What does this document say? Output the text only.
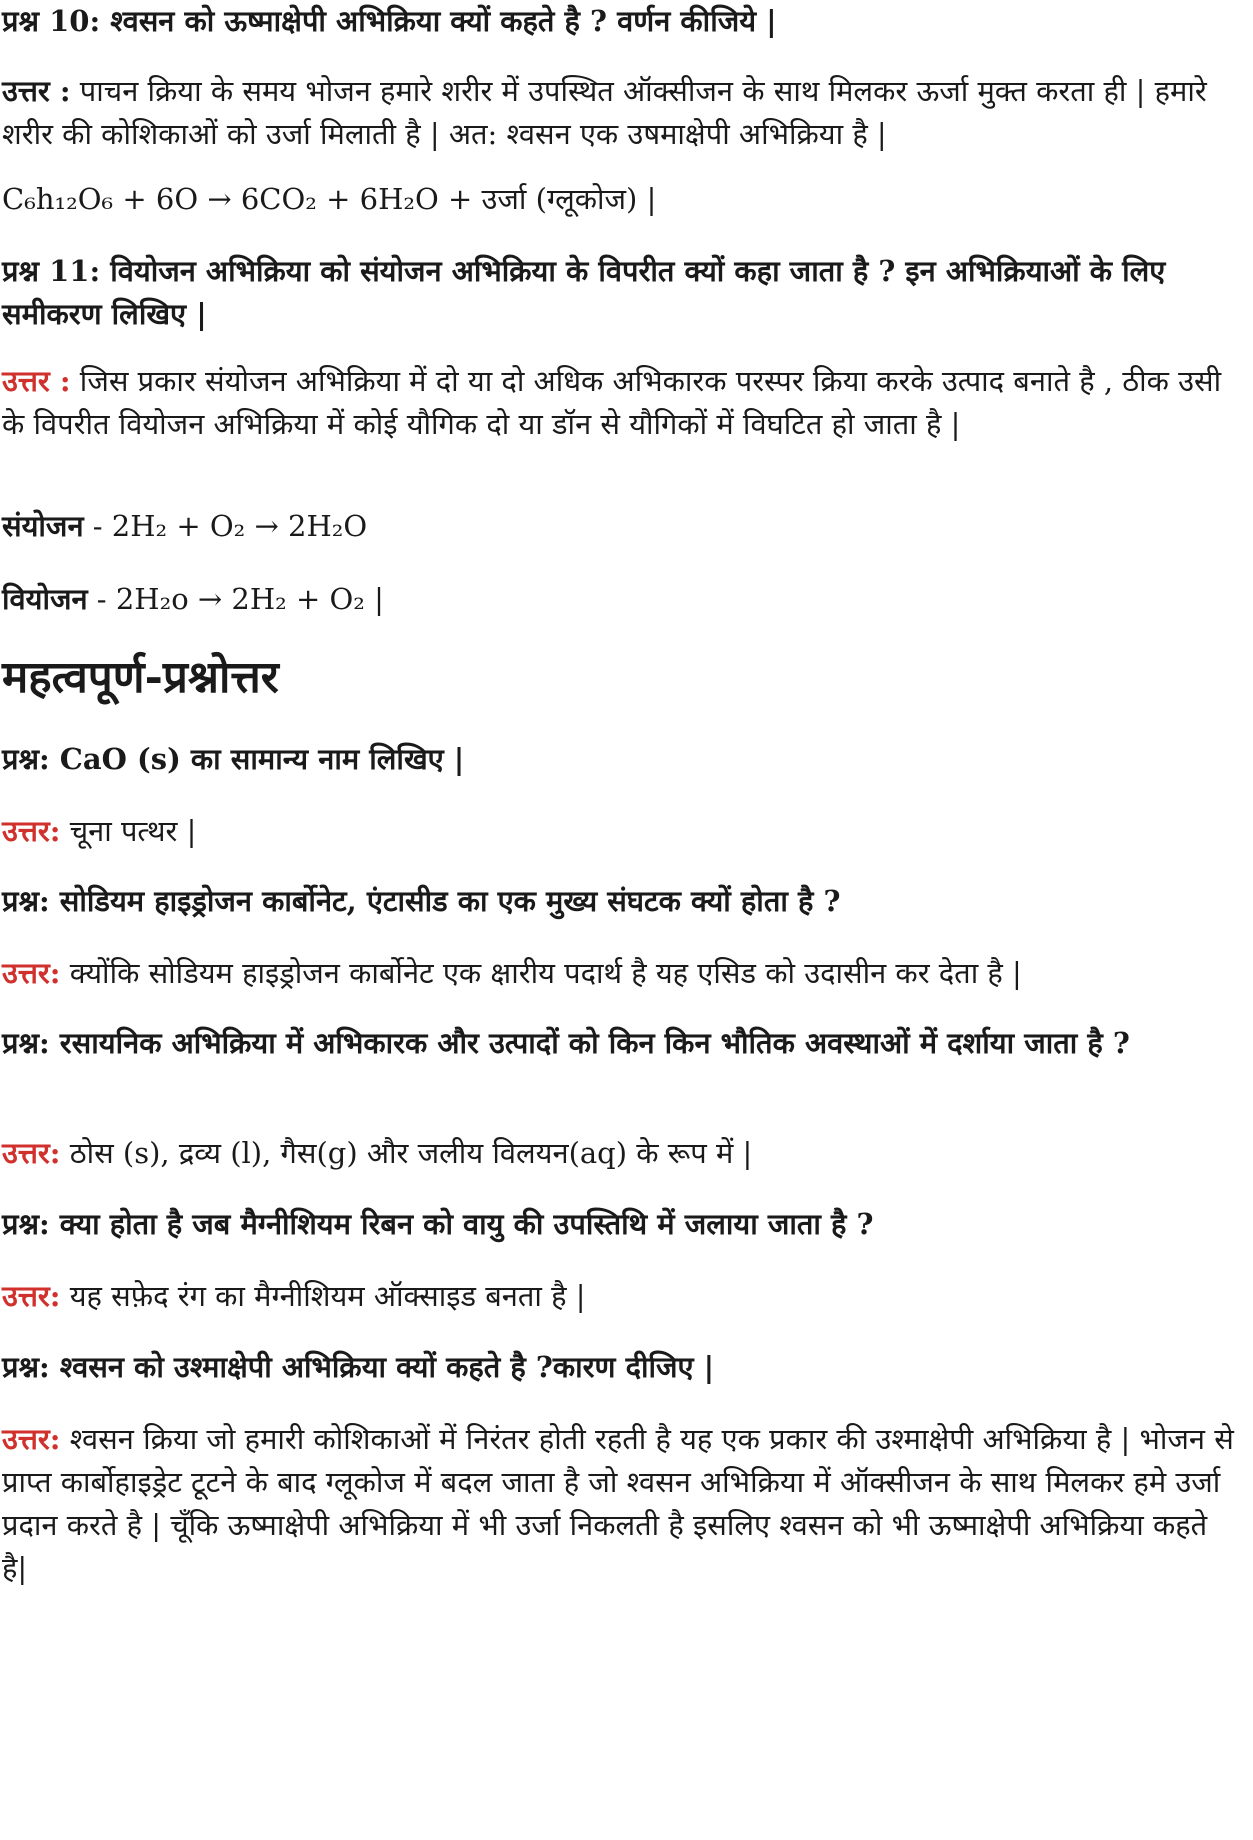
प्रश्न 10: श्वसन को ऊष्माक्षेपी अभिक्रिया क्यों कहते है ? वर्णन कीजिये |

उत्तर : पाचन क्रिया के समय भोजन हमारे शरीर में उपस्थित ऑक्सीजन के साथ मिलकर ऊर्जा मुक्त करता ही | हमारे शरीर की कोशिकाओं को उर्जा मिलाती है | अत: श्वसन एक उषमाक्षेपी अभिक्रिया है |

C₆h₁₂O₆ + 6O → 6CO₂ + 6H₂O + उर्जा (ग्लूकोज) |

प्रश्न 11: वियोजन अभिक्रिया को संयोजन अभिक्रिया के विपरीत क्यों कहा जाता है ? इन अभिक्रियाओं के लिए समीकरण लिखिए |

उत्तर : जिस प्रकार संयोजन अभिक्रिया में दो या दो अधिक अभिकारक परस्पर क्रिया करके उत्पाद बनाते है , ठीक उसी के विपरीत वियोजन अभिक्रिया में कोई यौगिक दो या डॉन से यौगिकों में विघटित हो जाता है |

संयोजन - 2H₂ + O₂ → 2H₂O

वियोजन - 2H₂o → 2H₂ + O₂ |

महत्वपूर्ण-प्रश्नोत्तर

प्रश्न: CaO (s) का सामान्य नाम लिखिए |

उत्तर: चूना पत्थर |

प्रश्न: सोडियम हाइड्रोजन कार्बोनेट, एंटासीड का एक मुख्य संघटक क्यों होता है ?

उत्तर: क्योंकि सोडियम हाइड्रोजन कार्बोनेट एक क्षारीय पदार्थ है यह एसिड को उदासीन कर देता है |

प्रश्न: रसायनिक अभिक्रिया में अभिकारक और उत्पादों को किन किन भौतिक अवस्थाओं में दर्शाया जाता है ?

उत्तर: ठोस (s), द्रव्य (l), गैस(g) और जलीय विलयन(aq) के रूप में |

प्रश्न: क्या होता है जब मैग्नीशियम रिबन को वायु की उपस्तिथि में जलाया जाता है ?

उत्तर: यह सफ़ेद रंग का मैग्नीशियम ऑक्साइड बनता है |

प्रश्न: श्वसन को उश्माक्षेपी अभिक्रिया क्यों कहते है ?कारण दीजिए |

उत्तर: श्वसन क्रिया जो हमारी कोशिकाओं में निरंतर होती रहती है यह एक प्रकार की उश्माक्षेपी अभिक्रिया है | भोजन से प्राप्त कार्बोहाइड्रेट टूटने के बाद ग्लूकोज में बदल जाता है जो श्वसन अभिक्रिया में ऑक्सीजन के साथ मिलकर हमे उर्जा प्रदान करते है | चूँकि ऊष्माक्षेपी अभिक्रिया में भी उर्जा निकलती है इसलिए श्वसन को भी ऊष्माक्षेपी अभिक्रिया कहते है|
